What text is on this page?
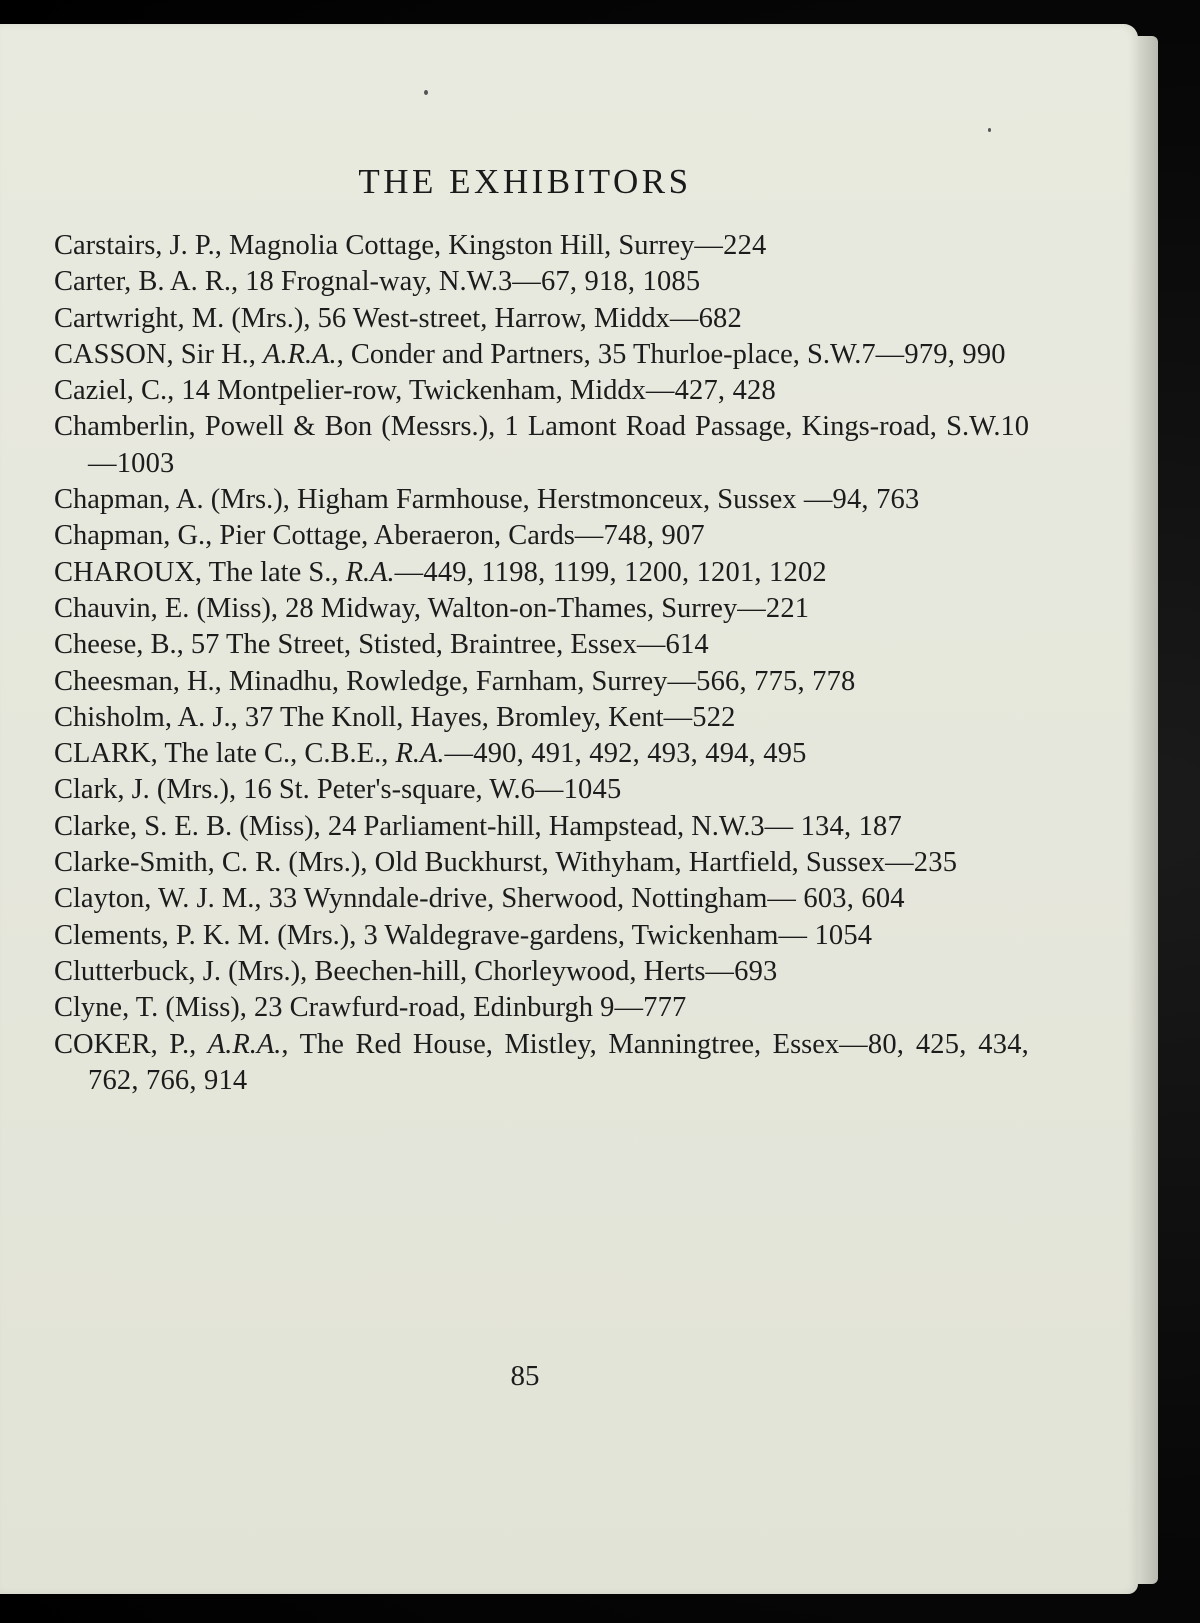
THE EXHIBITORS
Carstairs, J. P., Magnolia Cottage, Kingston Hill, Surrey—224
Carter, B. A. R., 18 Frognal-way, N.W.3—67, 918, 1085
Cartwright, M. (Mrs.), 56 West-street, Harrow, Middx—682
CASSON, Sir H., A.R.A., Conder and Partners, 35 Thurloe-place, S.W.7—979, 990
Caziel, C., 14 Montpelier-row, Twickenham, Middx—427, 428
Chamberlin, Powell & Bon (Messrs.), 1 Lamont Road Passage, Kings-road, S.W.10—1003
Chapman, A. (Mrs.), Higham Farmhouse, Herstmonceux, Sussex —94, 763
Chapman, G., Pier Cottage, Aberaeron, Cards—748, 907
CHAROUX, The late S., R.A.—449, 1198, 1199, 1200, 1201, 1202
Chauvin, E. (Miss), 28 Midway, Walton-on-Thames, Surrey—221
Cheese, B., 57 The Street, Stisted, Braintree, Essex—614
Cheesman, H., Minadhu, Rowledge, Farnham, Surrey—566, 775, 778
Chisholm, A. J., 37 The Knoll, Hayes, Bromley, Kent—522
CLARK, The late C., C.B.E., R.A.—490, 491, 492, 493, 494, 495
Clark, J. (Mrs.), 16 St. Peter's-square, W.6—1045
Clarke, S. E. B. (Miss), 24 Parliament-hill, Hampstead, N.W.3— 134, 187
Clarke-Smith, C. R. (Mrs.), Old Buckhurst, Withyham, Hartfield, Sussex—235
Clayton, W. J. M., 33 Wynndale-drive, Sherwood, Nottingham— 603, 604
Clements, P. K. M. (Mrs.), 3 Waldegrave-gardens, Twickenham— 1054
Clutterbuck, J. (Mrs.), Beechen-hill, Chorleywood, Herts—693
Clyne, T. (Miss), 23 Crawfurd-road, Edinburgh 9—777
COKER, P., A.R.A., The Red House, Mistley, Manningtree, Essex—80, 425, 434, 762, 766, 914
85
